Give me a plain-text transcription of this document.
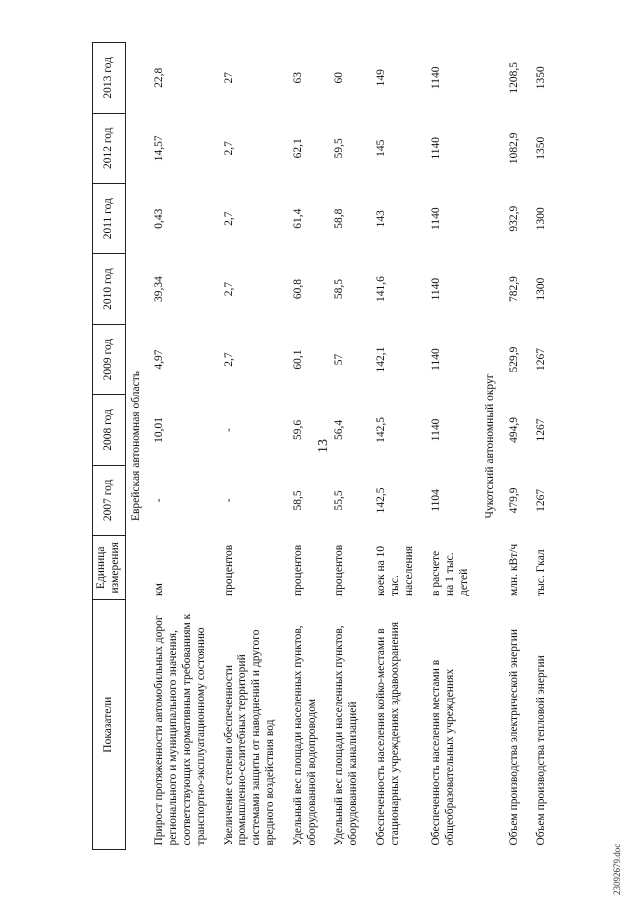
13
Показатели	Единица измерения	2007 год	2008 год	2009 год	2010 год	2011 год	2012 год	2013 год
Еврейская автономная область								
Прирост протяженности автомобильных дорог регионального и муниципального значения, соответствующих нормативным требованиям к транспортно-эксплуатационному состоянию	км	-	10,01	4,97	39,34	0,43	14,57	22,8
Увеличение степени обеспеченности промышленно-селитебных территорий системами защиты от наводнений и другого вредного воздействия вод	процентов	-	-	2,7	2,7	2,7	2,7	27
Удельный вес площади населенных пунктов, оборудованной водопроводом	процентов	58,5	59,6	60,1	60,8	61,4	62,1	63
Удельный вес площади населенных пунктов, оборудованной канализацией	процентов	55,5	56,4	57	58,5	58,8	59,5	60
Обеспеченность населения койко-местами в стационарных учреждениях здравоохранения	коек на 10 тыс. населения	142,5	142,5	142,1	141,6	143	145	149
Обеспеченность населения местами в общеобразовательных учреждениях	в расчете на 1 тыс. детей	1104	1140	1140	1140	1140	1140	1140
Чукотский автономный округ								
Объем производства электрической энергии	млн. кВт/ч	479,9	494,9	529,9	782,9	932,9	1082,9	1208,5
Объем производства тепловой энергии	тыс. Гкал	1267	1267	1267	1300	1300	1350	1350
23092679.doc
